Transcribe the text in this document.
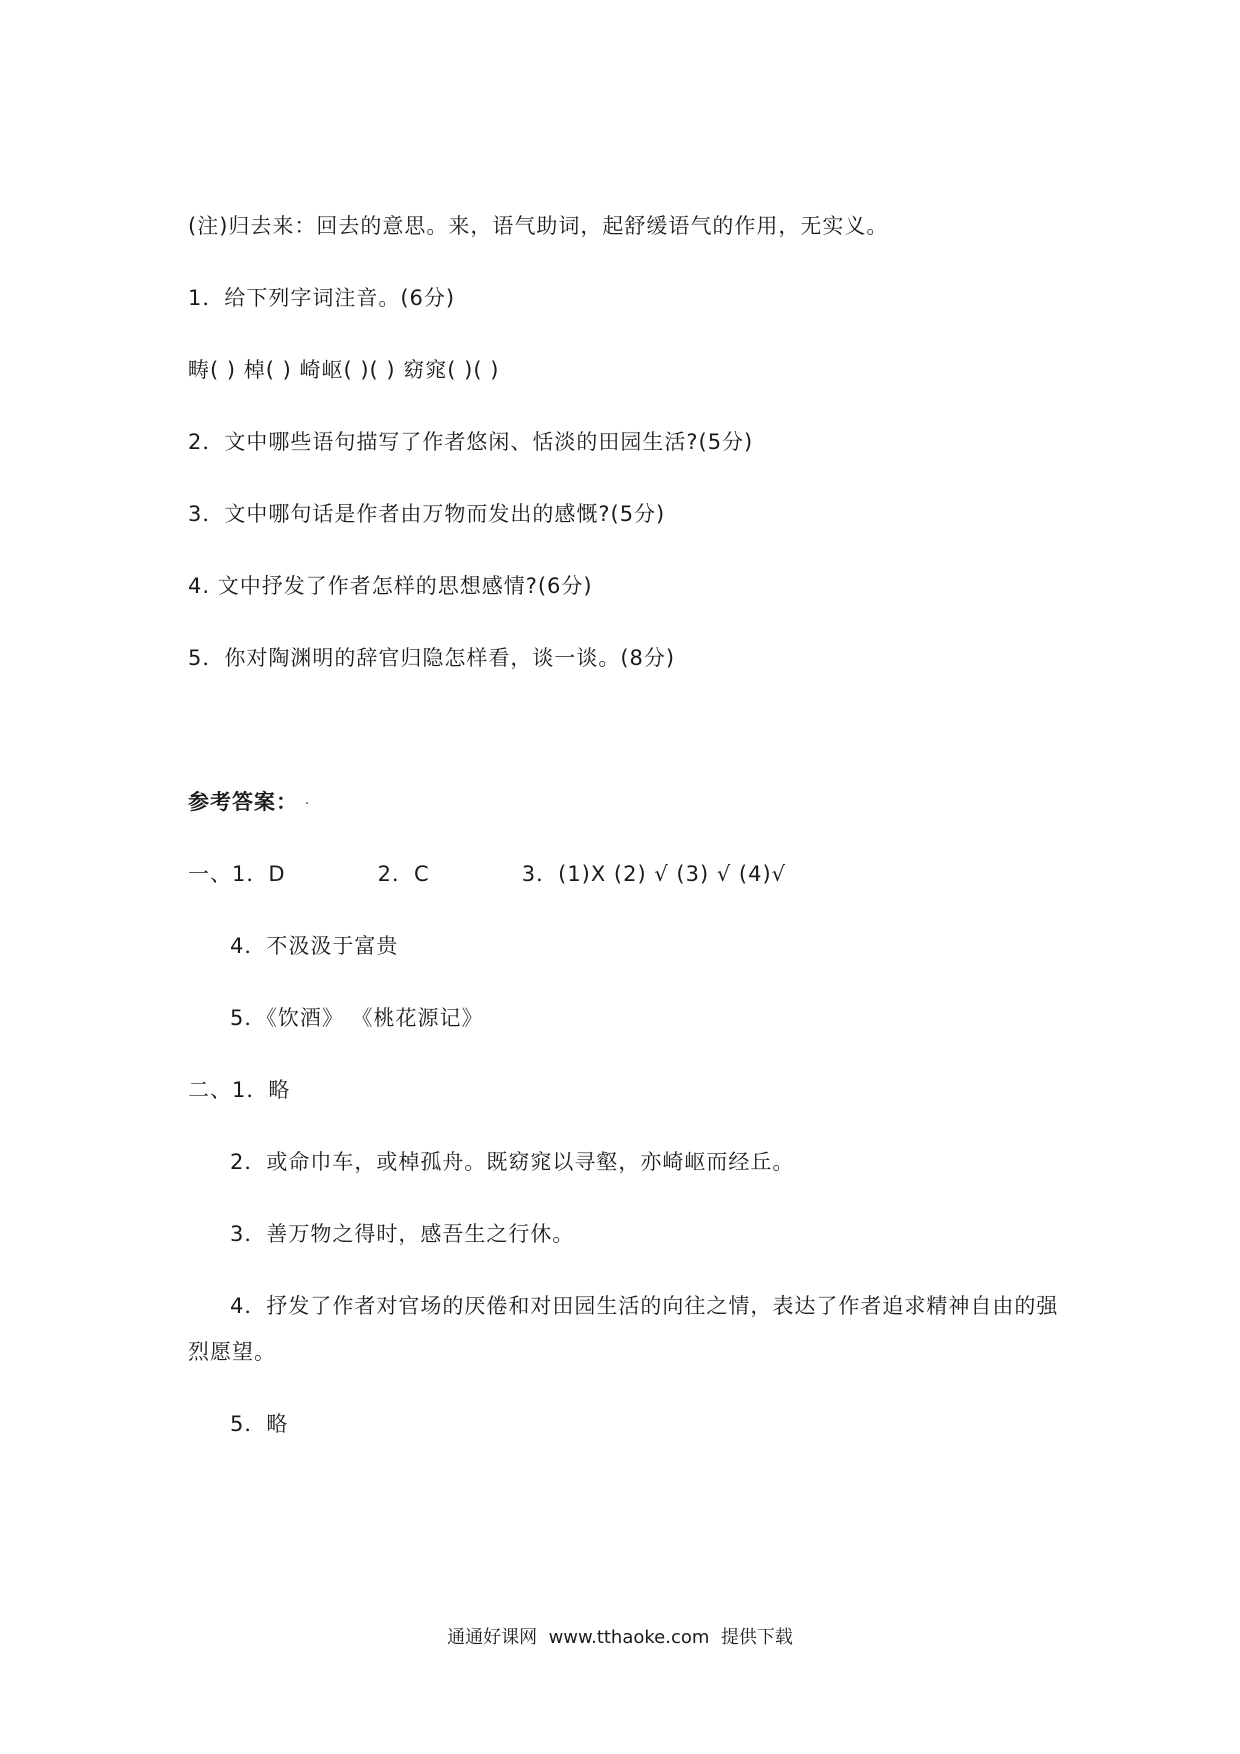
(注)归去来：回去的意思。来，语气助词，起舒缓语气的作用，无实义。
1．给下列字词注音。(6分)
畴( ) 棹( ) 崎岖( )( ) 窈窕( )( )
2．文中哪些语句描写了作者悠闲、恬淡的田园生活?(5分)
3．文中哪句话是作者由万物而发出的感慨?(5分)
4. 文中抒发了作者怎样的思想感情?(6分)
5．你对陶渊明的辞官归隐怎样看，谈一谈。(8分)
参考答案：
一、1．D            2．C            3．(1)X (2) √ (3) √ (4)√
4．不汲汲于富贵
5．《饮酒》 《桃花源记》
二、1．略
2．或命巾车，或棹孤舟。既窈窕以寻壑，亦崎岖而经丘。
3．善万物之得时，感吾生之行休。
4．抒发了作者对官场的厌倦和对田园生活的向往之情，表达了作者追求精神自由的强
烈愿望。
5．略
通通好课网  www.tthaoke.com  提供下载
